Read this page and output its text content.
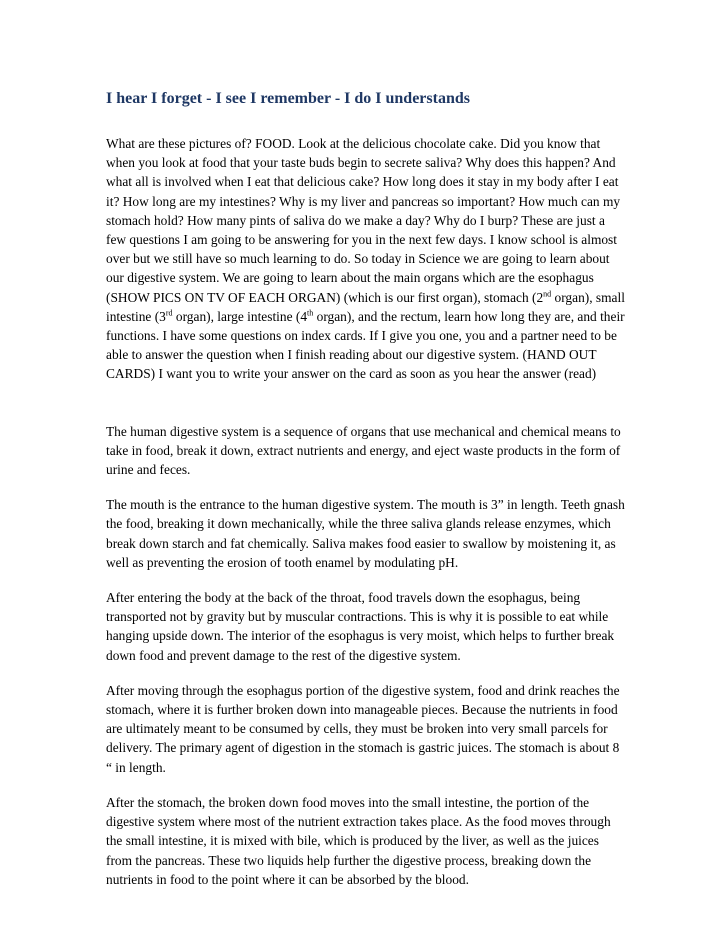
I hear I forget - I see I remember - I do I understands

What are these pictures of? FOOD. Look at the delicious chocolate cake. Did you know that when you look at food that your taste buds begin to secrete saliva? Why does this happen? And what all is involved when I eat that delicious cake? How long does it stay in my body after I eat it? How long are my intestines? Why is my liver and pancreas so important? How much can my stomach hold? How many pints of saliva do we make a day? Why do I burp? These are just a few questions I am going to be answering for you in the next few days. I know school is almost over but we still have so much learning to do. So today in Science we are going to learn about our digestive system. We are going to learn about the main organs which are the esophagus (SHOW PICS ON TV OF EACH ORGAN) (which is our first organ), stomach (2nd organ), small intestine (3rd organ), large intestine (4th organ), and the rectum, learn how long they are, and their functions. I have some questions on index cards. If I give you one, you and a partner need to be able to answer the question when I finish reading about our digestive system. (HAND OUT CARDS) I want you to write your answer on the card as soon as you hear the answer (read)

The human digestive system is a sequence of organs that use mechanical and chemical means to take in food, break it down, extract nutrients and energy, and eject waste products in the form of urine and feces.

The mouth is the entrance to the human digestive system. The mouth is 3” in length. Teeth gnash the food, breaking it down mechanically, while the three saliva glands release enzymes, which break down starch and fat chemically. Saliva makes food easier to swallow by moistening it, as well as preventing the erosion of tooth enamel by modulating pH.

After entering the body at the back of the throat, food travels down the esophagus, being transported not by gravity but by muscular contractions. This is why it is possible to eat while hanging upside down. The interior of the esophagus is very moist, which helps to further break down food and prevent damage to the rest of the digestive system.

After moving through the esophagus portion of the digestive system, food and drink reaches the stomach, where it is further broken down into manageable pieces. Because the nutrients in food are ultimately meant to be consumed by cells, they must be broken into very small parcels for delivery. The primary agent of digestion in the stomach is gastric juices. The stomach is about 8 “ in length.

After the stomach, the broken down food moves into the small intestine, the portion of the digestive system where most of the nutrient extraction takes place. As the food moves through the small intestine, it is mixed with bile, which is produced by the liver, as well as the juices from the pancreas. These two liquids help further the digestive process, breaking down the nutrients in food to the point where it can be absorbed by the blood.
